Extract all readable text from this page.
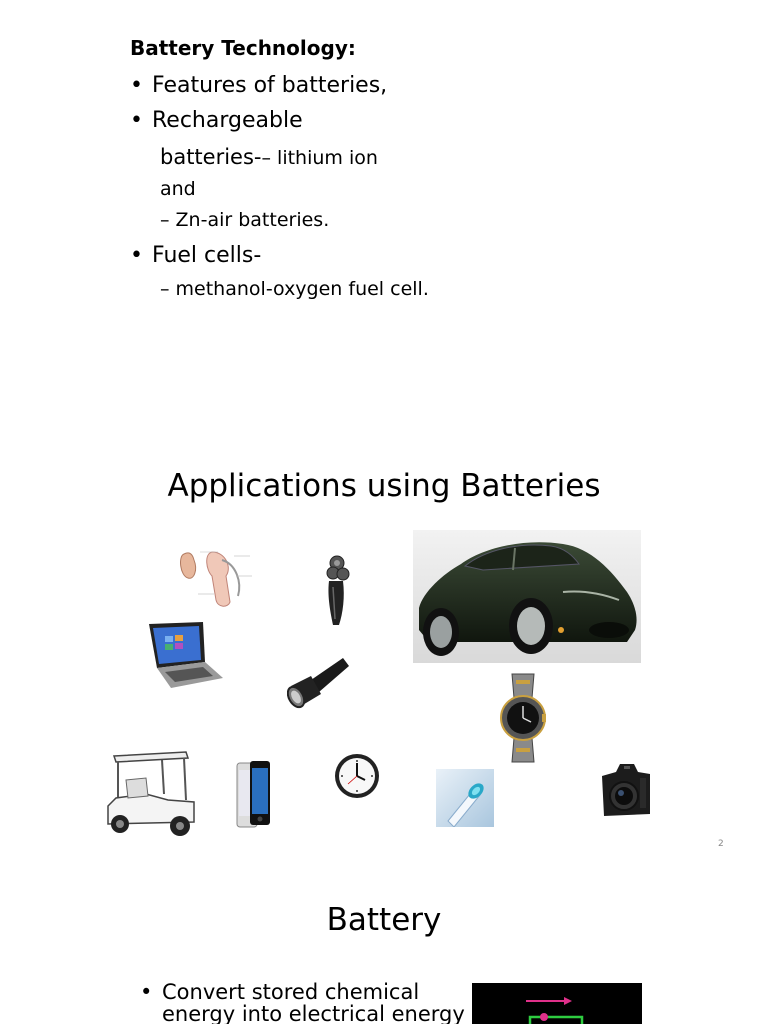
Battery Technology:
• Features of batteries,
• Rechargeable
batteries-– lithium ion
and
– Zn-air batteries.
• Fuel cells-
– methanol-oxygen fuel cell.
Applications using Batteries
2
Battery
• Convert stored chemical
energy into electrical energy
